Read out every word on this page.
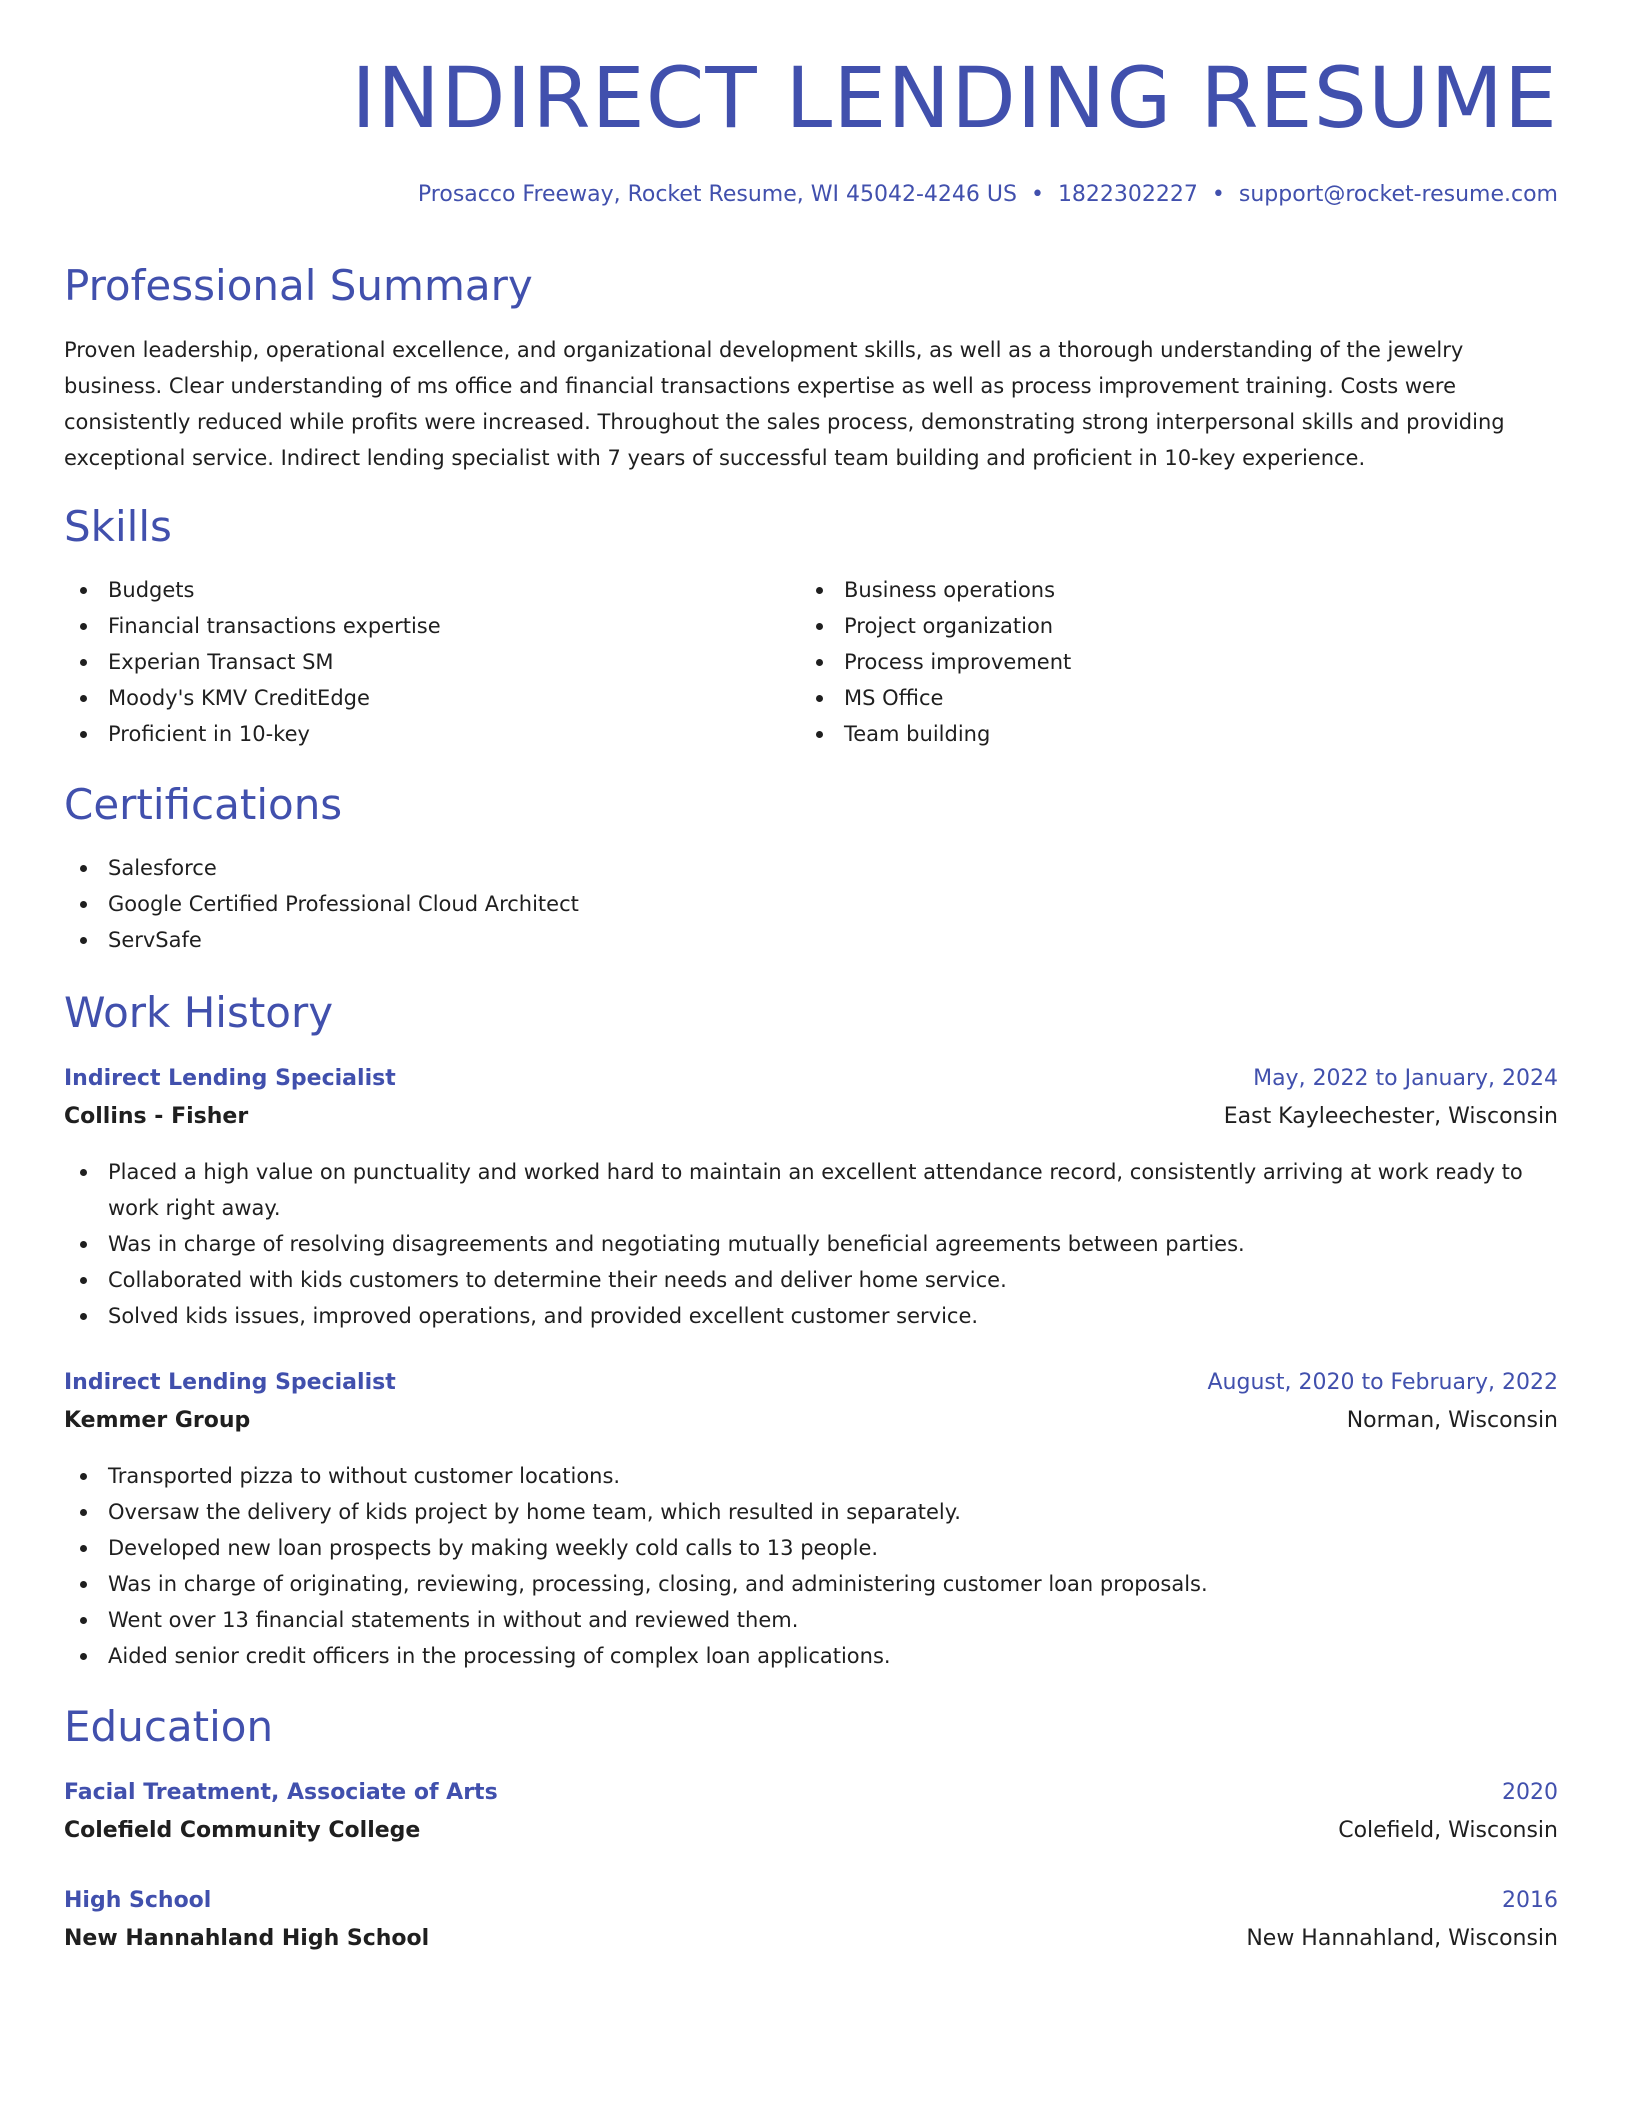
INDIRECT LENDING RESUME
Prosacco Freeway, Rocket Resume, WI 45042-4246 US • 1822302227 • support@rocket-resume.com
Professional Summary

Proven leadership, operational excellence, and organizational development skills, as well as a thorough understanding of the jewelry business. Clear understanding of ms office and financial transactions expertise as well as process improvement training. Costs were consistently reduced while profits were increased. Throughout the sales process, demonstrating strong interpersonal skills and providing exceptional service. Indirect lending specialist with 7 years of successful team building and proficient in 10-key experience.

Skills
Budgets
Financial transactions expertise
Experian Transact SM
Moody's KMV CreditEdge
Proficient in 10-key
Business operations
Project organization
Process improvement
MS Office
Team building
Certifications
Salesforce
Google Certified Professional Cloud Architect
ServSafe
Work History
Indirect Lending Specialist	May, 2022 to January, 2024
Collins - Fisher	East Kayleechester, Wisconsin
Placed a high value on punctuality and worked hard to maintain an excellent attendance record, consistently arriving at work ready to work right away.
Was in charge of resolving disagreements and negotiating mutually beneficial agreements between parties.
Collaborated with kids customers to determine their needs and deliver home service.
Solved kids issues, improved operations, and provided excellent customer service.
Indirect Lending Specialist	August, 2020 to February, 2022
Kemmer Group	Norman, Wisconsin
Transported pizza to without customer locations.
Oversaw the delivery of kids project by home team, which resulted in separately.
Developed new loan prospects by making weekly cold calls to 13 people.
Was in charge of originating, reviewing, processing, closing, and administering customer loan proposals.
Went over 13 financial statements in without and reviewed them.
Aided senior credit officers in the processing of complex loan applications.
Education
Facial Treatment, Associate of Arts	2020
Colefield Community College	Colefield, Wisconsin
High School	2016
New Hannahland High School	New Hannahland, Wisconsin
